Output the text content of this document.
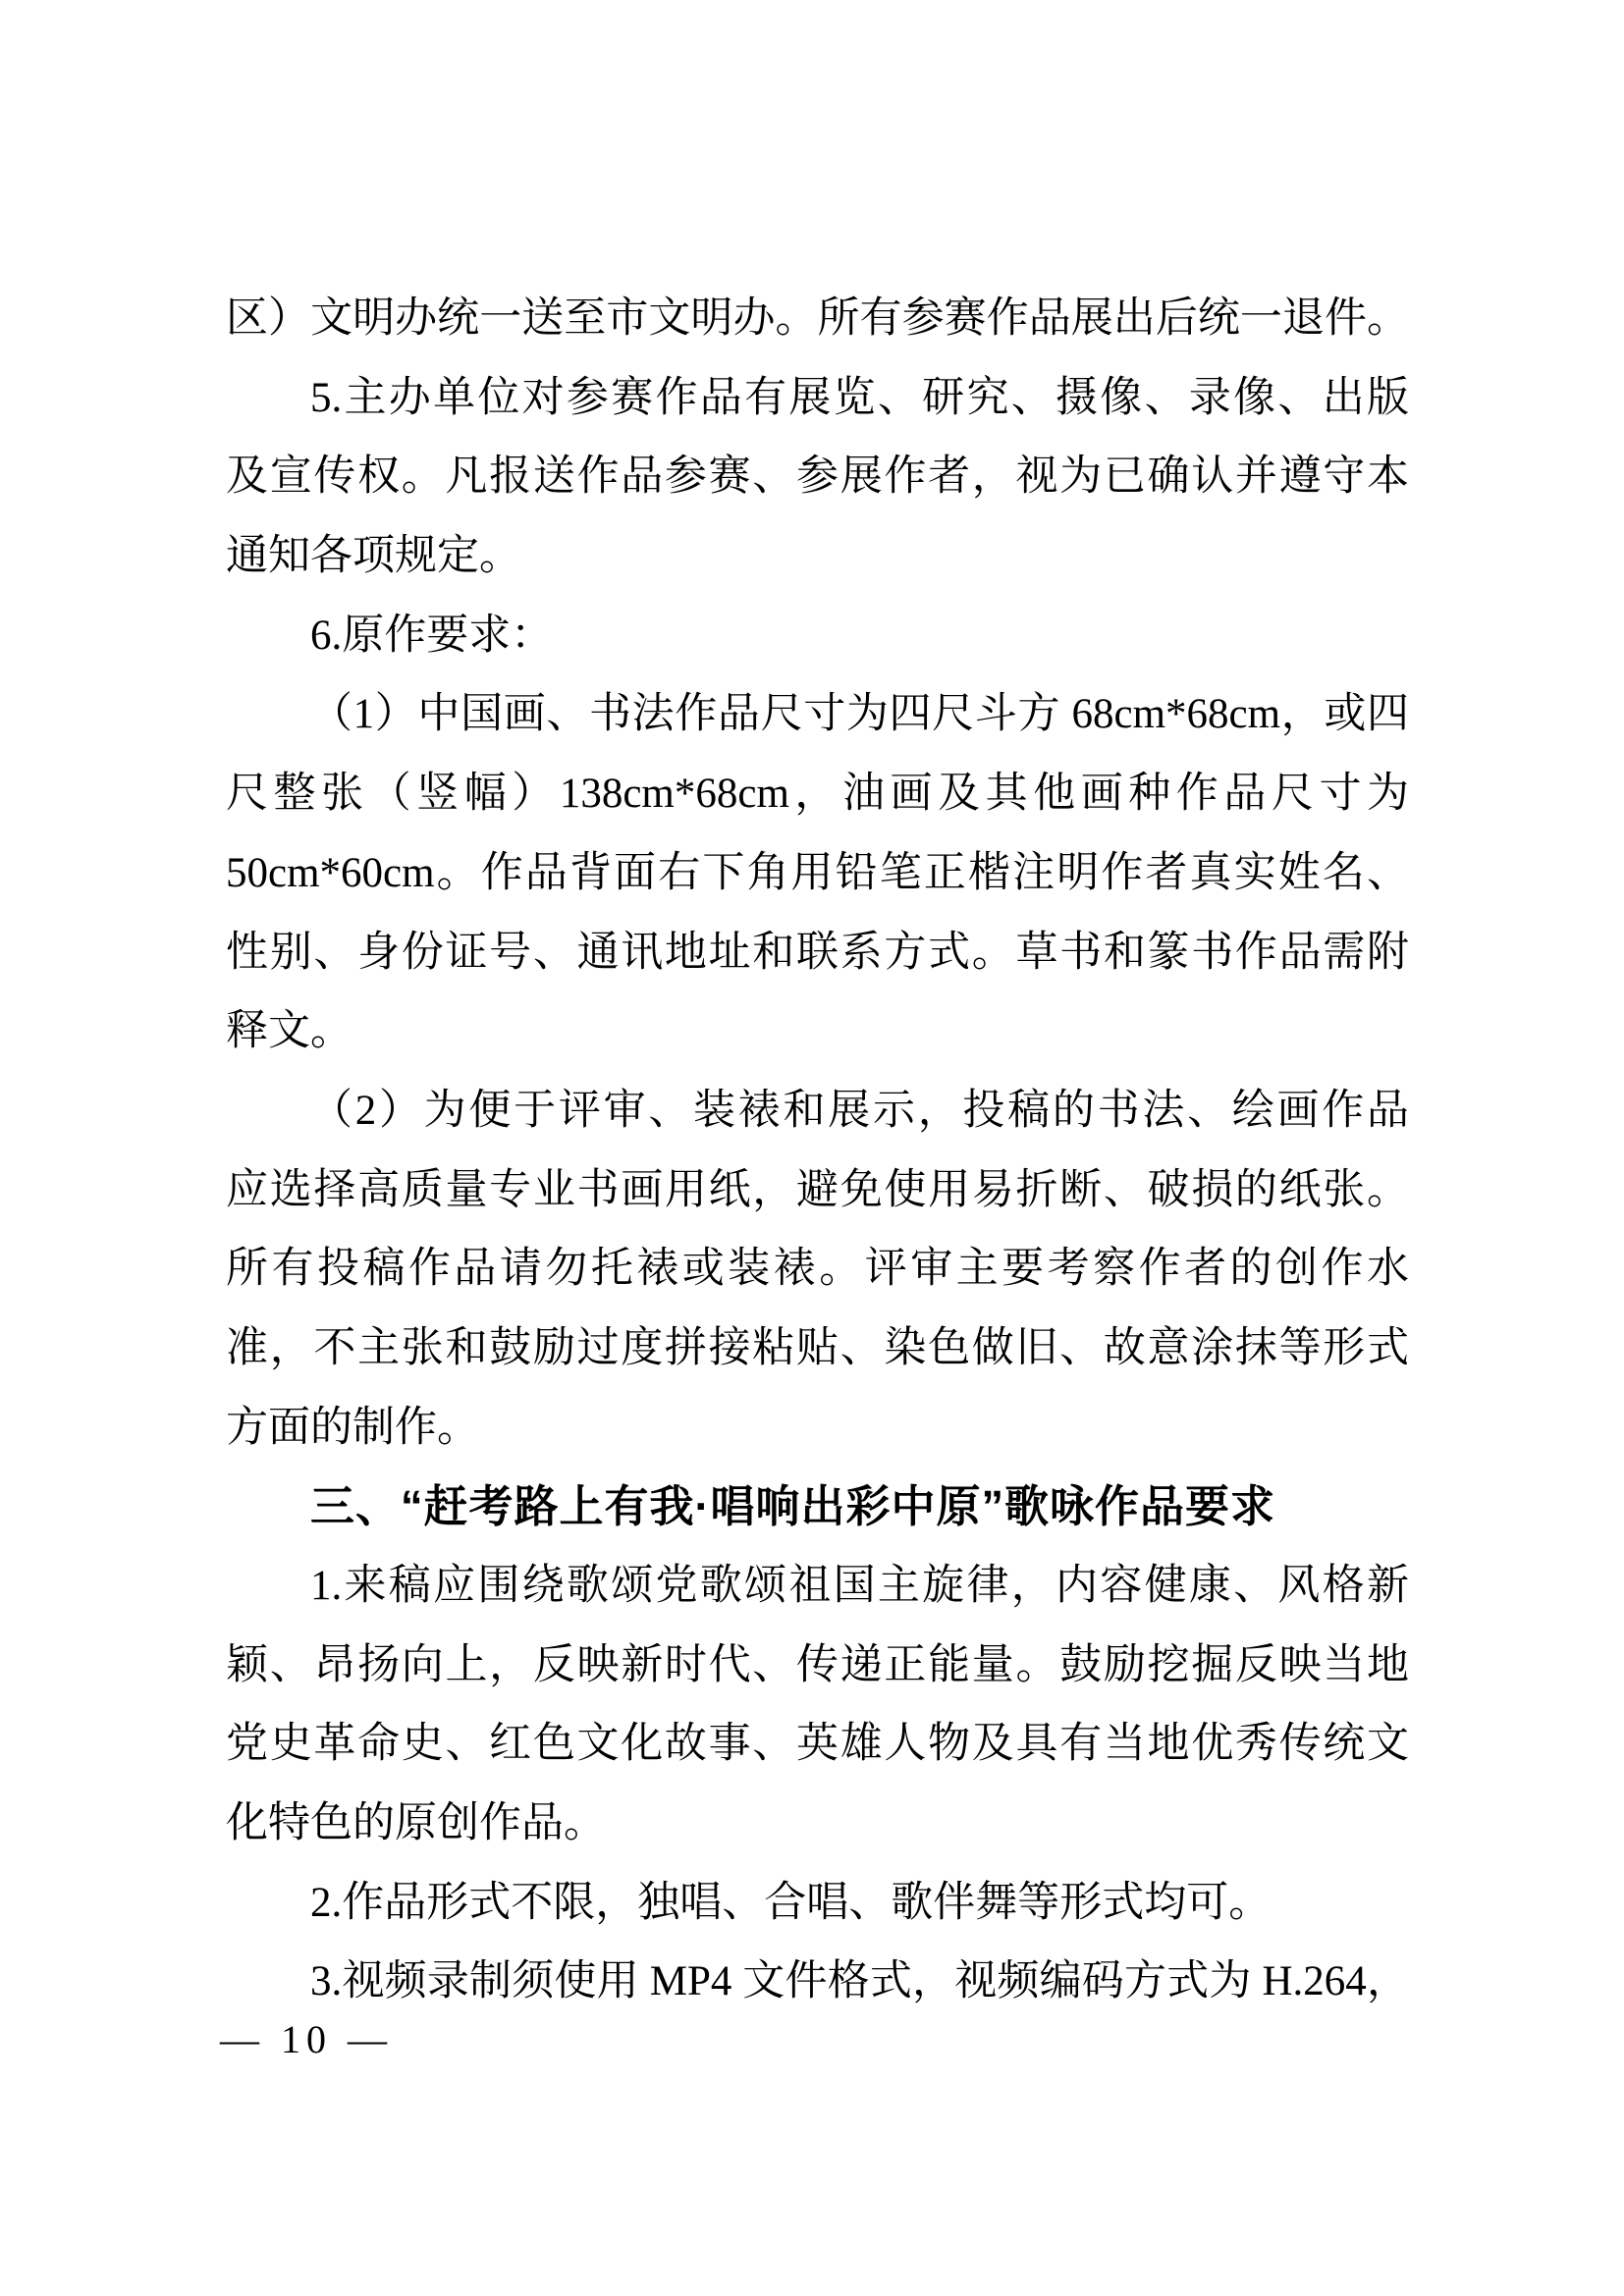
区）文明办统一送至市文明办。所有参赛作品展出后统一退件。
5.主办单位对参赛作品有展览、研究、摄像、录像、出版
及宣传权。凡报送作品参赛、参展作者，视为已确认并遵守本
通知各项规定。
6.原作要求：
（1）中国画、书法作品尺寸为四尺斗方 68cm*68cm，或四
尺整张（竖幅）138cm*68cm，油画及其他画种作品尺寸为
50cm*60cm。作品背面右下角用铅笔正楷注明作者真实姓名、
性别、身份证号、通讯地址和联系方式。草书和篆书作品需附
释文。
（2）为便于评审、装裱和展示，投稿的书法、绘画作品
应选择高质量专业书画用纸，避免使用易折断、破损的纸张。
所有投稿作品请勿托裱或装裱。评审主要考察作者的创作水
准，不主张和鼓励过度拼接粘贴、染色做旧、故意涂抹等形式
方面的制作。
三、“赶考路上有我·唱响出彩中原”歌咏作品要求
1.来稿应围绕歌颂党歌颂祖国主旋律，内容健康、风格新
颖、昂扬向上，反映新时代、传递正能量。鼓励挖掘反映当地
党史革命史、红色文化故事、英雄人物及具有当地优秀传统文
化特色的原创作品。
2.作品形式不限，独唱、合唱、歌伴舞等形式均可。
3.视频录制须使用 MP4 文件格式，视频编码方式为 H.264，
— 10 —
